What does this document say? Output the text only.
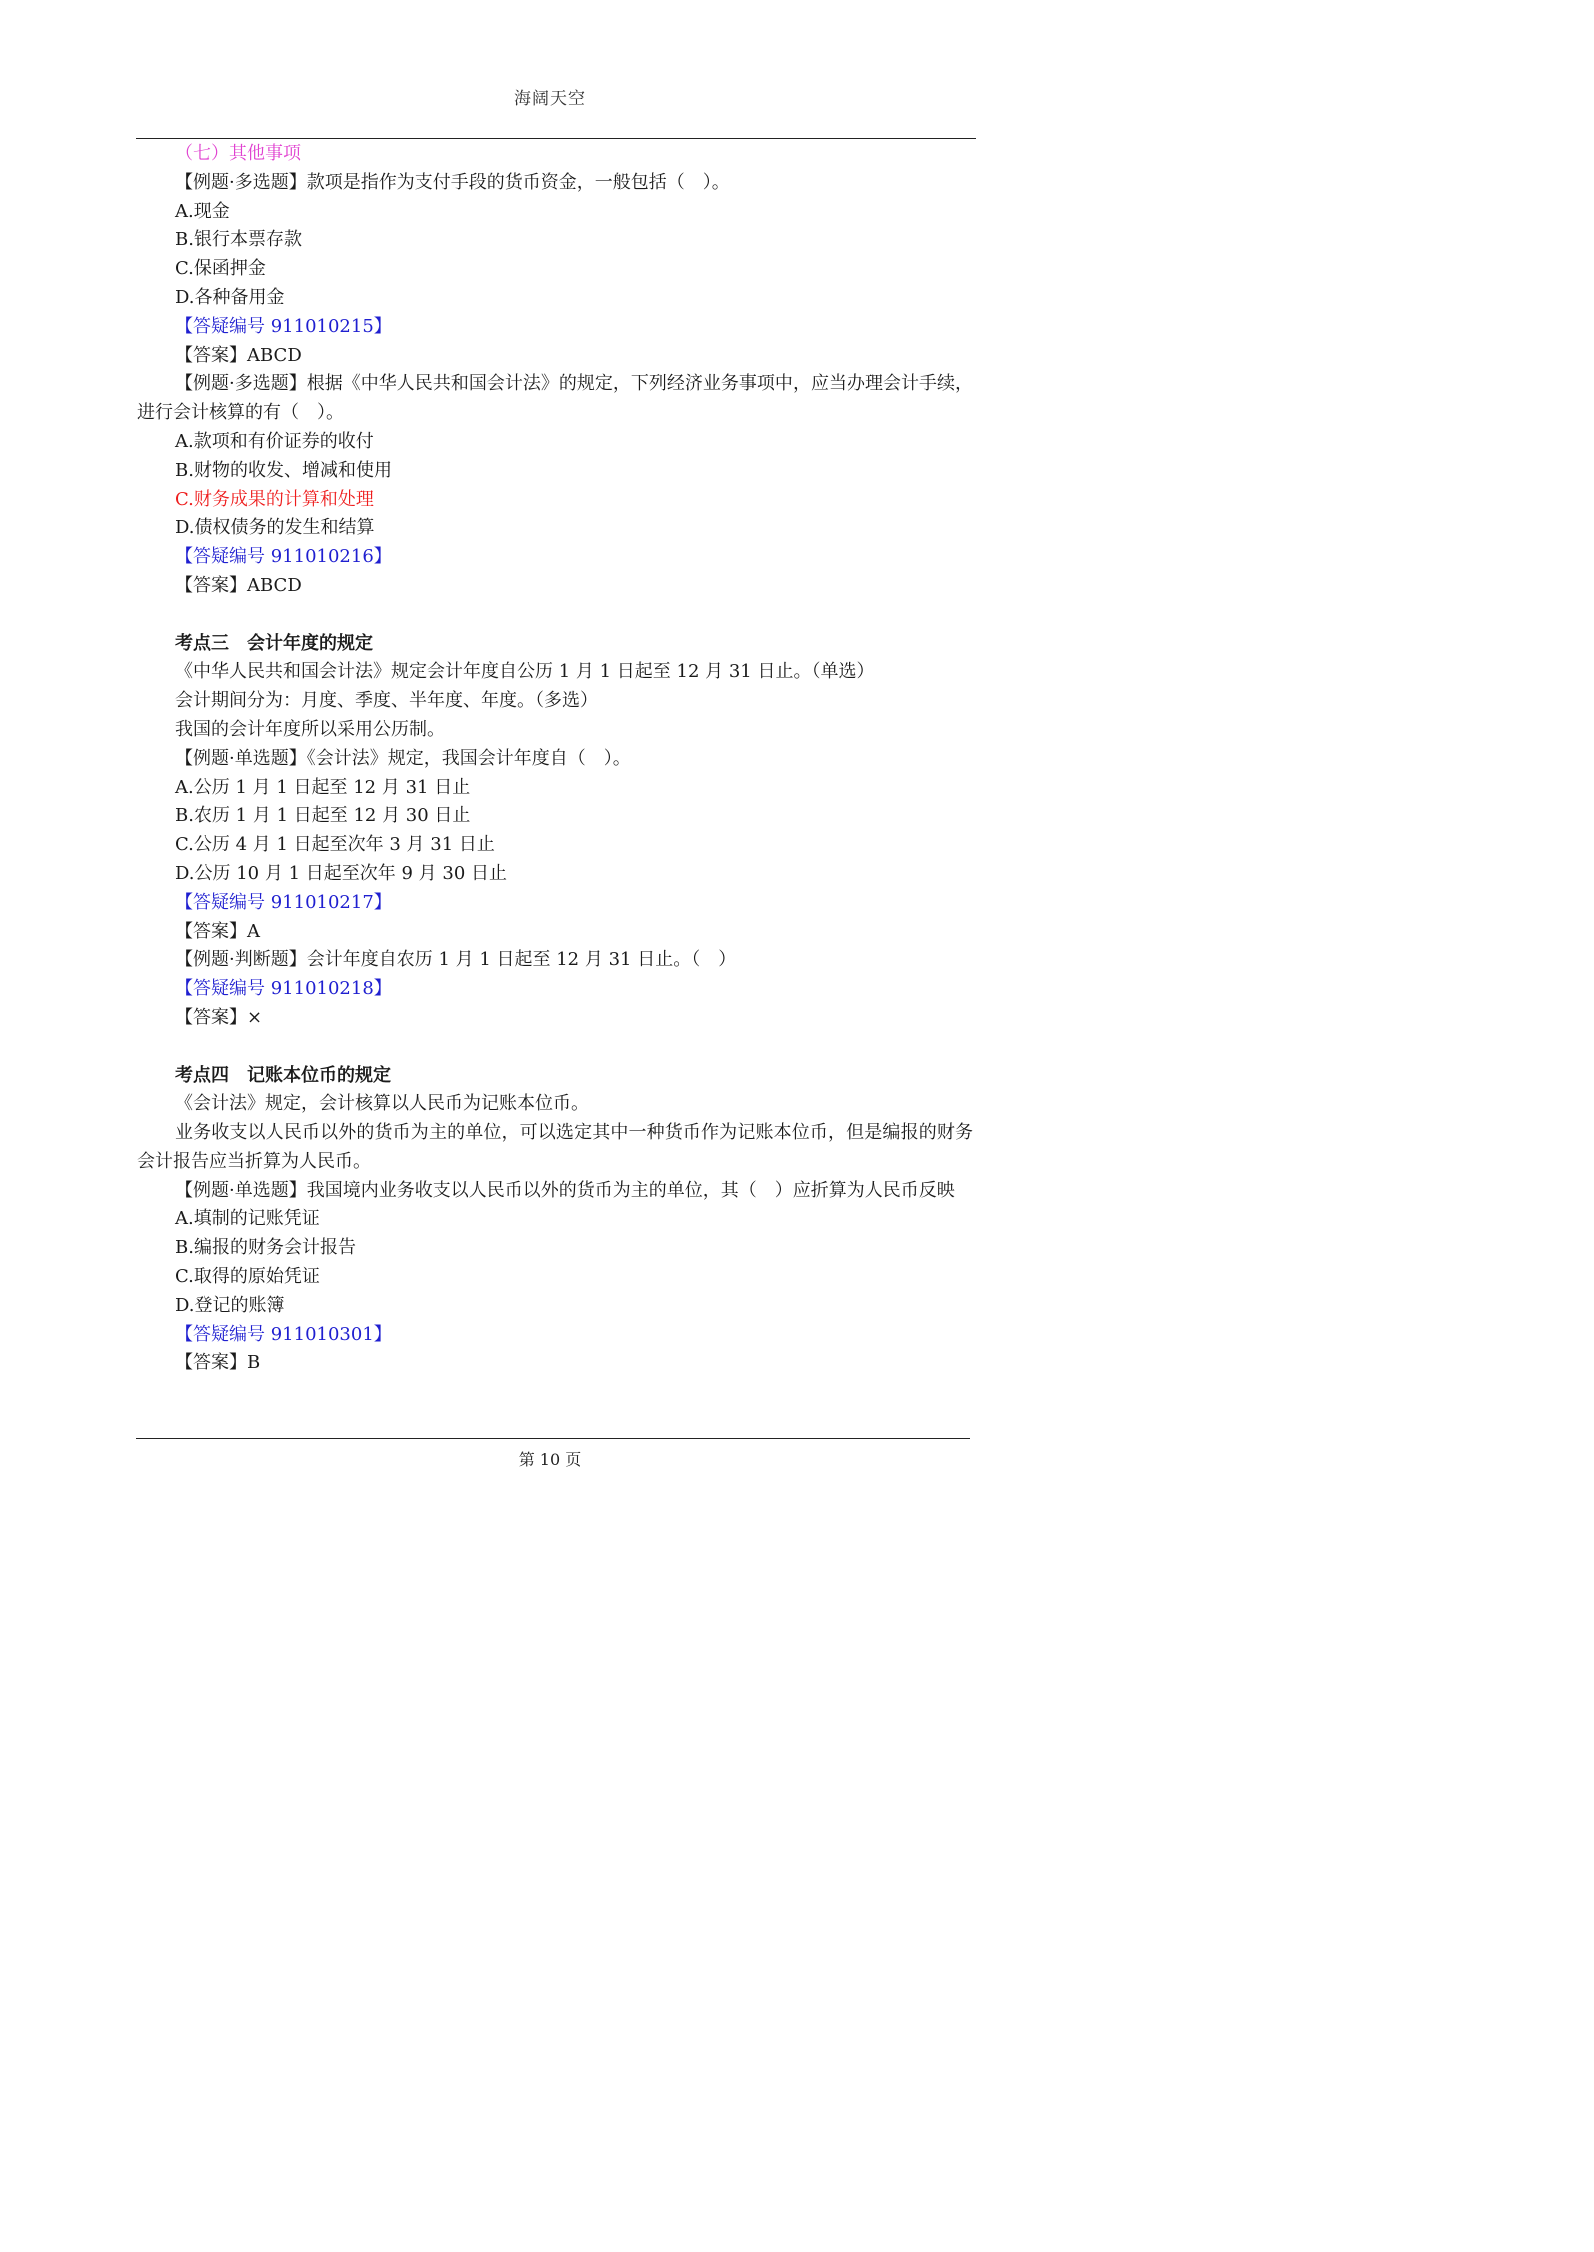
海阔天空
（七）其他事项
【例题·多选题】款项是指作为支付手段的货币资金，一般包括（　）。
A.现金
B.银行本票存款
C.保函押金
D.各种备用金
【答疑编号 911010215】
【答案】ABCD
【例题·多选题】根据《中华人民共和国会计法》的规定，下列经济业务事项中，应当办理会计手续，进行会计核算的有（　）。
A.款项和有价证券的收付
B.财物的收发、增减和使用
C.财务成果的计算和处理
D.债权债务的发生和结算
【答疑编号 911010216】
【答案】ABCD
考点三　会计年度的规定
《中华人民共和国会计法》规定会计年度自公历 1 月 1 日起至 12 月 31 日止。（单选）
会计期间分为：月度、季度、半年度、年度。（多选）
我国的会计年度所以采用公历制。
【例题·单选题】《会计法》规定，我国会计年度自（　）。
A.公历 1 月 1 日起至 12 月 31 日止
B.农历 1 月 1 日起至 12 月 30 日止
C.公历 4 月 1 日起至次年 3 月 31 日止
D.公历 10 月 1 日起至次年 9 月 30 日止
【答疑编号 911010217】
【答案】A
【例题·判断题】会计年度自农历 1 月 1 日起至 12 月 31 日止。（　）
【答疑编号 911010218】
【答案】×
考点四　记账本位币的规定
《会计法》规定，会计核算以人民币为记账本位币。
业务收支以人民币以外的货币为主的单位，可以选定其中一种货币作为记账本位币，但是编报的财务会计报告应当折算为人民币。
【例题·单选题】我国境内业务收支以人民币以外的货币为主的单位，其（　）应折算为人民币反映
A.填制的记账凭证
B.编报的财务会计报告
C.取得的原始凭证
D.登记的账簿
【答疑编号 911010301】
【答案】B
第 10 页
